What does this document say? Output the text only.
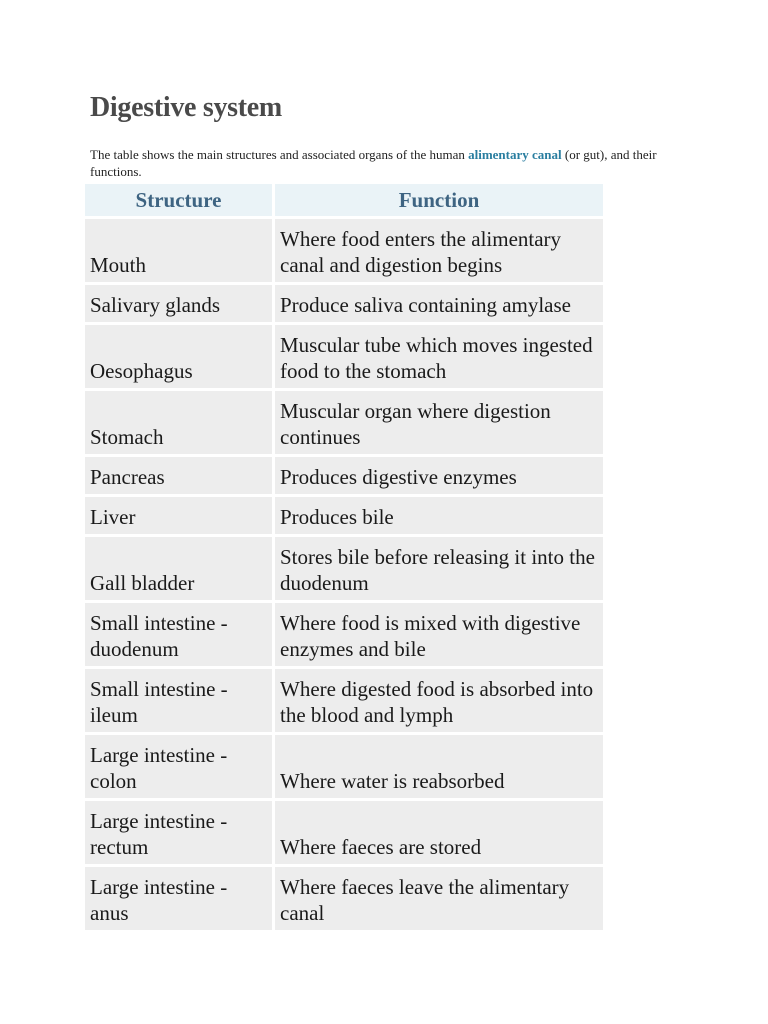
Digestive system

The table shows the main structures and associated organs of the human alimentary canal (or gut), and their functions.

Structure	Function
Mouth	Where food enters the alimentary canal and digestion begins
Salivary glands	Produce saliva containing amylase
Oesophagus	Muscular tube which moves ingested food to the stomach
Stomach	Muscular organ where digestion continues
Pancreas	Produces digestive enzymes
Liver	Produces bile
Gall bladder	Stores bile before releasing it into the duodenum
Small intestine - duodenum	Where food is mixed with digestive enzymes and bile
Small intestine - ileum	Where digested food is absorbed into the blood and lymph
Large intestine - colon	Where water is reabsorbed
Large intestine - rectum	Where faeces are stored
Large intestine - anus	Where faeces leave the alimentary canal
